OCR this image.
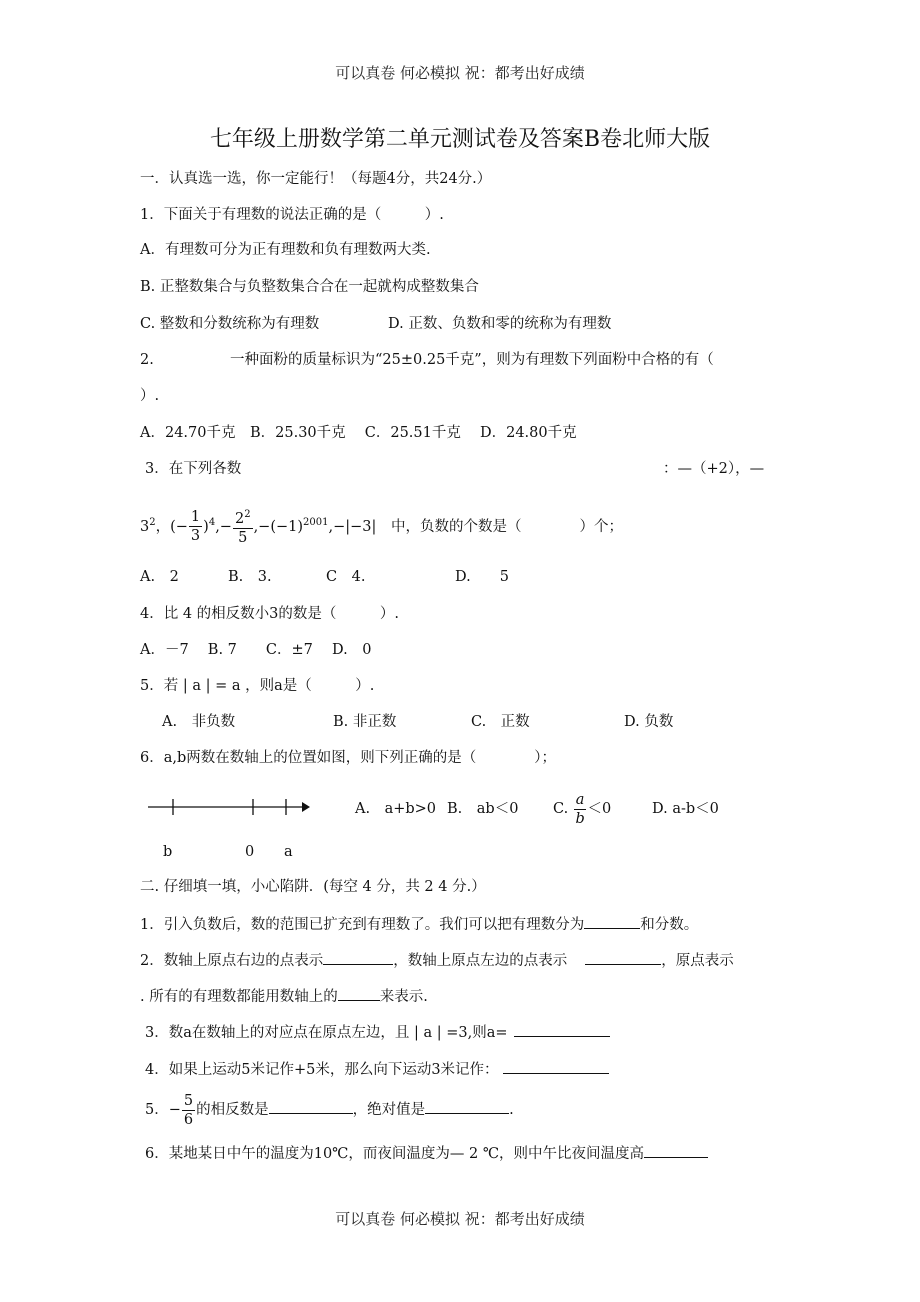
可以真卷 何必模拟 祝：都考出好成绩
七年级上册数学第二单元测试卷及答案B卷北师大版
一．认真选一选，你一定能行！（每题4分，共24分.）
1．下面关于有理数的说法正确的是（　　　）.
A．有理数可分为正有理数和负有理数两大类.
B. 正整数集合与负整数集合合在一起就构成整数集合
C. 整数和分数统称为有理数	D. 正数、负数和零的统称为有理数
2.	一种面粉的质量标识为“25±0.25千克”，则为有理数下列面粉中合格的有（
）.
A．24.70千克　B．25.30千克　 C．25.51千克　 D．24.80千克
3．在下列各数	：—（+2），—
$3^2$，(− $\frac{1}{3} )^4,- \frac{2^2}{5} ,-(-1)^{2001},-|-3|$ 中，负数的个数是（　　　　）个；
A.　2	B.　3.	C　4.	D.　　5
4．比 4 的相反数小3的数是（　　　）.
A．－7　 B. 7　　C．±7　 D.　0
5．若 | a | = a ，则a是（　　　）.
A.　非负数	B. 非正数	C.　正数	D. 负数
6．a,b两数在数轴上的位置如图，则下列正确的是（　　　　）；
b	0 a
A.　a+b>0 B.　ab＜0 C. $\frac{a}{b} <0$	D. a-b＜0
二. 仔细填一填，小心陷阱．(每空 4 分，共 2 4 分.）
1．引入负数后，数的范围已扩充到有理数了。我们可以把有理数分为	和分数。
2．数轴上原点右边的点表示	，数轴上原点左边的点表示	，原点表示
. 所有的有理数都能用数轴上的	来表示.
3．数a在数轴上的对应点在原点左边，且 | a | =3,则a=
4．如果上运动5米记作+5米，那么向下运动3米记作：
5．− $\frac{5}{6}$ 的相反数是	，绝对值是	.
6．某地某日中午的温度为10℃，而夜间温度为— 2 ℃，则中午比夜间温度高
可以真卷 何必模拟 祝：都考出好成绩
